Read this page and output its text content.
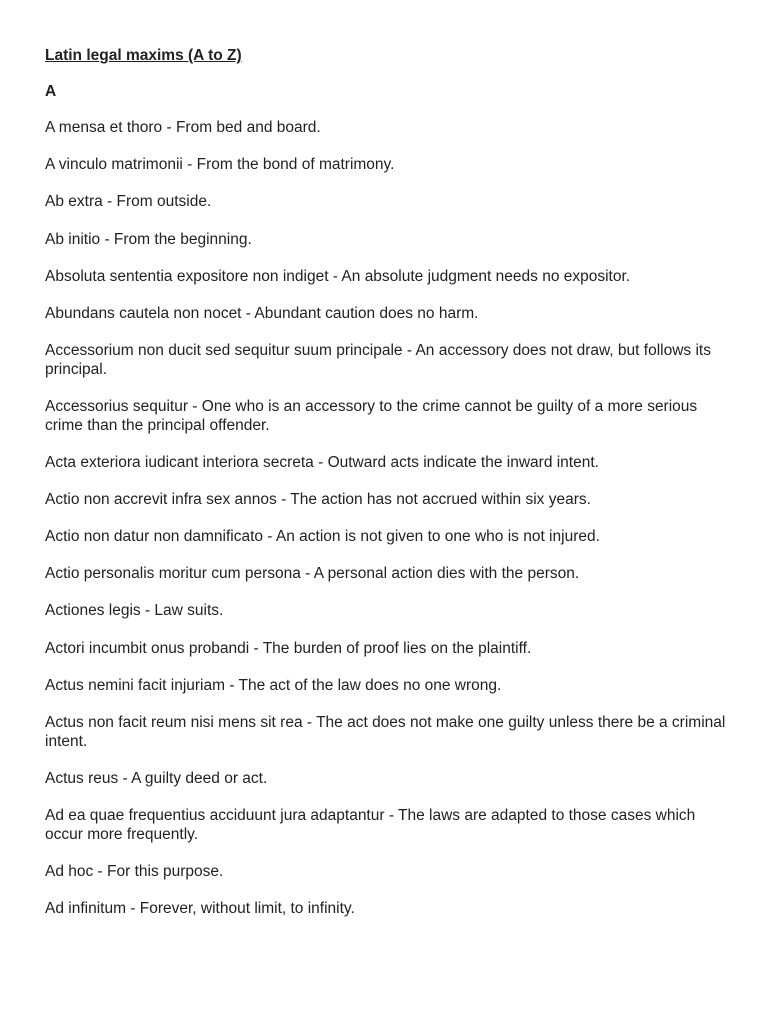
Latin legal maxims (A to Z)
A

A mensa et thoro - From bed and board.

A vinculo matrimonii - From the bond of matrimony.

Ab extra - From outside.

Ab initio - From the beginning.

Absoluta sententia expositore non indiget - An absolute judgment needs no expositor.

Abundans cautela non nocet - Abundant caution does no harm.

Accessorium non ducit sed sequitur suum principale - An accessory does not draw, but follows its principal.

Accessorius sequitur - One who is an accessory to the crime cannot be guilty of a more serious crime than the principal offender.

Acta exteriora iudicant interiora secreta - Outward acts indicate the inward intent.

Actio non accrevit infra sex annos - The action has not accrued within six years.

Actio non datur non damnificato - An action is not given to one who is not injured.

Actio personalis moritur cum persona - A personal action dies with the person.

Actiones legis - Law suits.

Actori incumbit onus probandi - The burden of proof lies on the plaintiff.

Actus nemini facit injuriam - The act of the law does no one wrong.

Actus non facit reum nisi mens sit rea - The act does not make one guilty unless there be a criminal intent.

Actus reus - A guilty deed or act.

Ad ea quae frequentius acciduunt jura adaptantur - The laws are adapted to those cases which occur more frequently.

Ad hoc - For this purpose.

Ad infinitum - Forever, without limit, to infinity.
